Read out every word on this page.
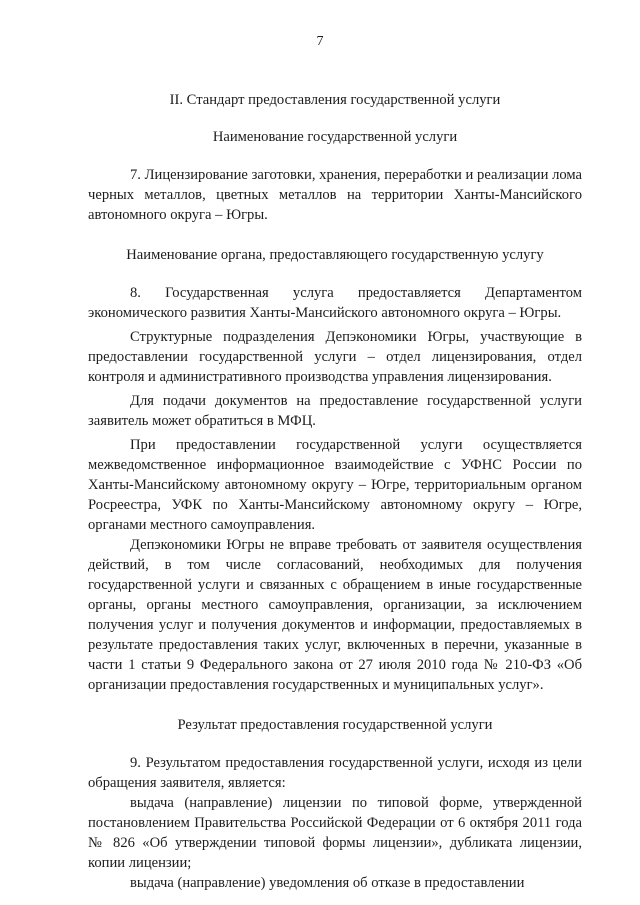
7

II. Стандарт предоставления государственной услуги

Наименование государственной услуги

7. Лицензирование заготовки, хранения, переработки и реализации лома черных металлов, цветных металлов на территории Ханты-Мансийского автономного округа – Югры.

Наименование органа, предоставляющего государственную услугу

8. Государственная услуга предоставляется Департаментом экономического развития Ханты-Мансийского автономного округа – Югры.

Структурные подразделения Депэкономики Югры, участвующие в предоставлении государственной услуги – отдел лицензирования, отдел контроля и административного производства управления лицензирования.

Для подачи документов на предоставление государственной услуги заявитель может обратиться в МФЦ.

При предоставлении государственной услуги осуществляется межведомственное информационное взаимодействие с УФНС России по Ханты-Мансийскому автономному округу – Югре, территориальным органом Росреестра, УФК по Ханты-Мансийскому автономному округу – Югре, органами местного самоуправления.

Депэкономики Югры не вправе требовать от заявителя осуществления действий, в том числе согласований, необходимых для получения государственной услуги и связанных с обращением в иные государственные органы, органы местного самоуправления, организации, за исключением получения услуг и получения документов и информации, предоставляемых в результате предоставления таких услуг, включенных в перечни, указанные в части 1 статьи 9 Федерального закона от 27 июля 2010 года № 210-ФЗ «Об организации предоставления государственных и муниципальных услуг».

Результат предоставления государственной услуги

9. Результатом предоставления государственной услуги, исходя из цели обращения заявителя, является:

выдача (направление) лицензии по типовой форме, утвержденной постановлением Правительства Российской Федерации от 6 октября 2011 года № 826 «Об утверждении типовой формы лицензии», дубликата лицензии, копии лицензии;

выдача (направление) уведомления об отказе в предоставлении
